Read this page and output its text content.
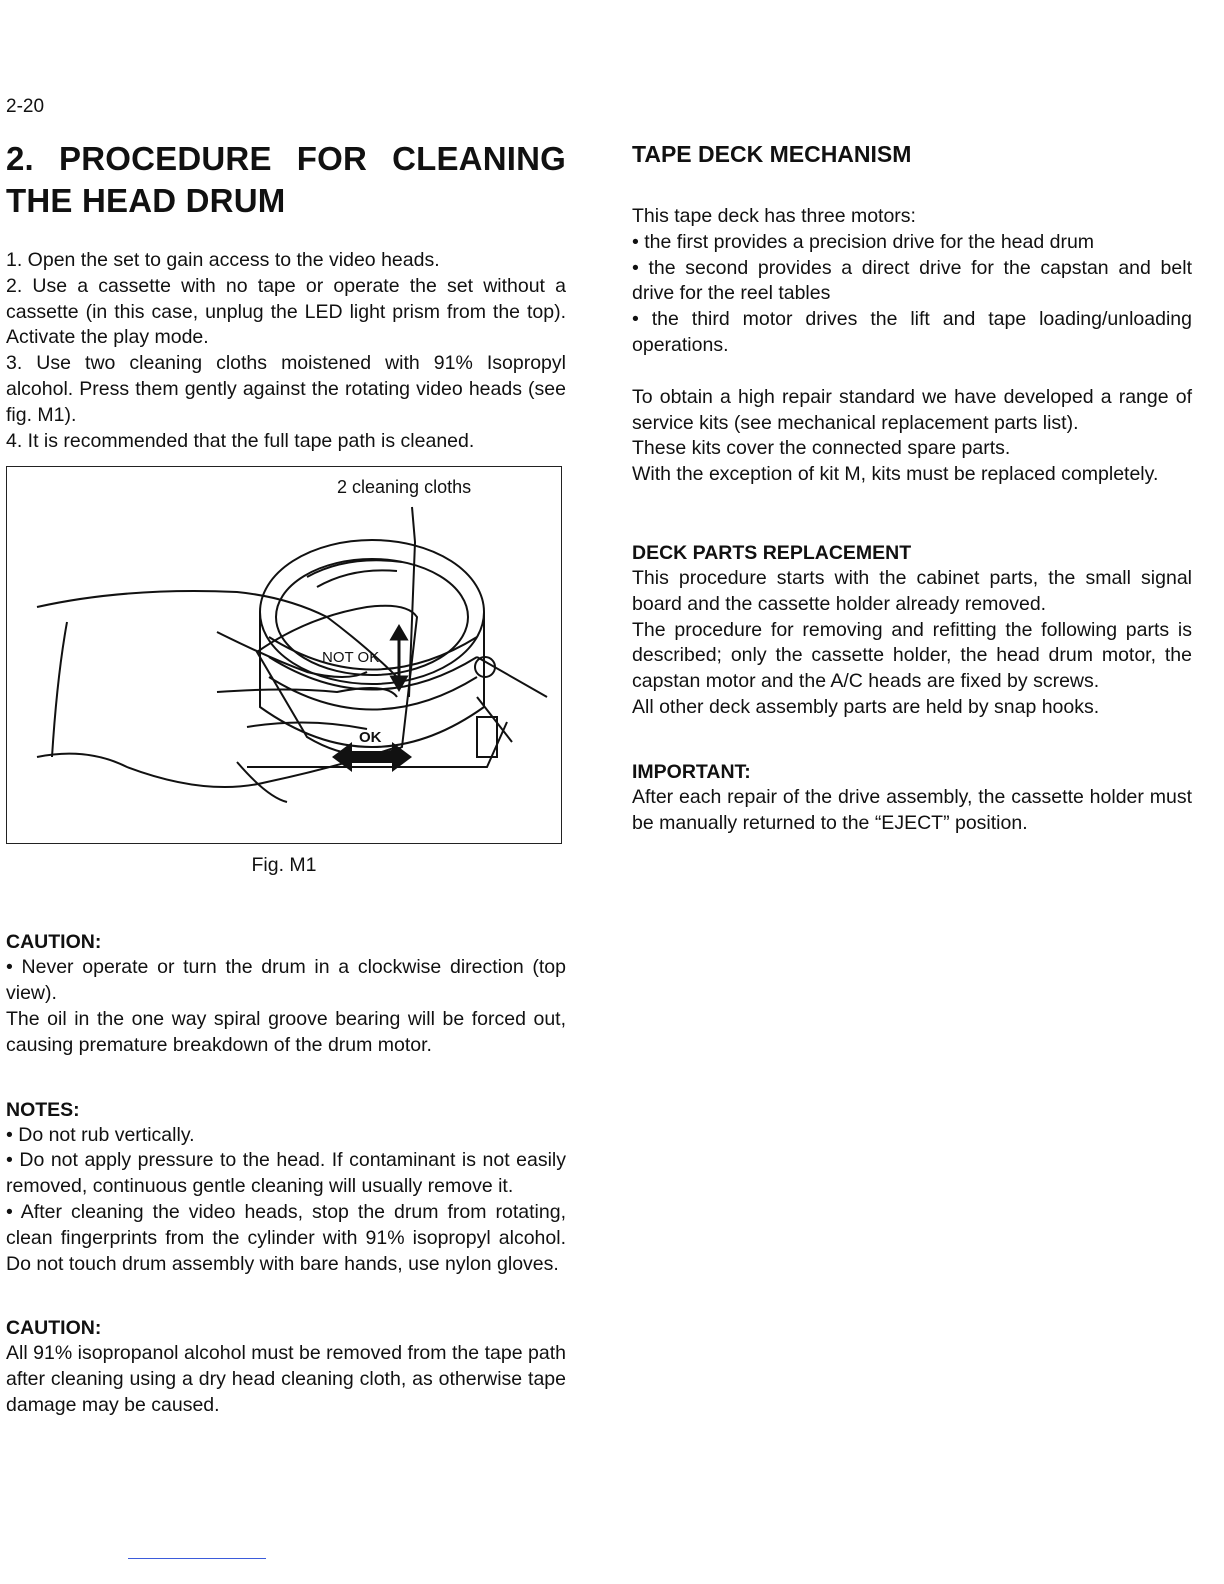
2-20
2. PROCEDURE FOR CLEANING
THE HEAD DRUM

1. Open the set to gain access to the video heads.

2. Use a cassette with no tape or operate the set without a cassette (in this case, unplug the LED light prism from the top). Activate the play mode.

3. Use two cleaning cloths moistened with 91% Isopropyl alcohol. Press them gently against the rotating video heads (see fig. M1).

4. It is recommended that the full tape path is cleaned.

2 cleaning cloths
NOT OK
OK
Fig. M1

CAUTION:

• Never operate or turn the drum in a clockwise direction (top view).

The oil in the one way spiral groove bearing will be forced out, causing premature breakdown of the drum motor.

NOTES:

• Do not rub vertically.

• Do not apply pressure to the head. If contaminant is not easily removed, continuous gentle cleaning will usually remove it.

• After cleaning the video heads, stop the drum from rotating, clean fingerprints from the cylinder with 91% isopropyl alcohol. Do not touch drum assembly with bare hands, use nylon gloves.

CAUTION:

All 91% isopropanol alcohol must be removed from the tape path after cleaning using a dry head cleaning cloth, as otherwise tape damage may be caused.

TAPE DECK MECHANISM

This tape deck has three motors:

• the first provides a precision drive for the head drum

• the second provides a direct drive for the capstan and belt drive for the reel tables

• the third motor drives the lift and tape loading/unloading operations.

To obtain a high repair standard we have developed a range of service kits (see mechanical replacement parts list).

These kits cover the connected spare parts.

With the exception of kit M, kits must be replaced completely.

DECK PARTS REPLACEMENT

This procedure starts with the cabinet parts, the small signal board and the cassette holder already removed.

The procedure for removing and refitting the following parts is described; only the cassette holder, the head drum motor, the capstan motor and the A/C heads are fixed by screws.

All other deck assembly parts are held by snap hooks.

IMPORTANT:

After each repair of the drive assembly, the cassette holder must be manually returned to the “EJECT” position.
